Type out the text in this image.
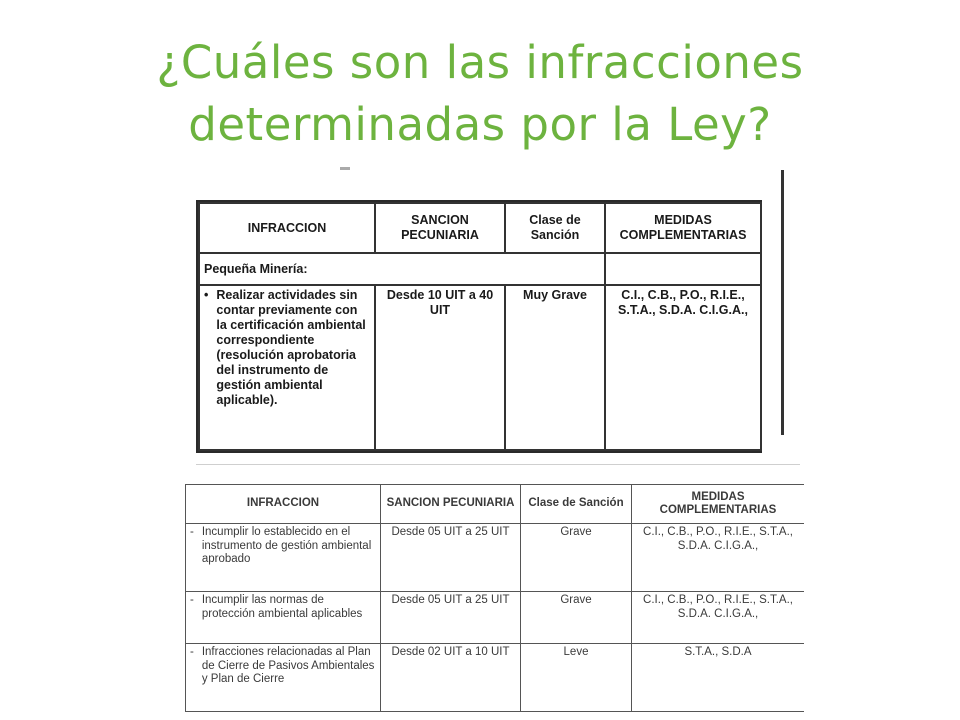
¿Cuáles son las infracciones
determinadas por la Ley?
INFRACCION	SANCION PECUNIARIA	Clase de Sanción	MEDIDAS COMPLEMENTARIAS
Pequeña Minería:			

• Realizar actividades sin contar previamente con la certificación ambiental correspondiente (resolución aprobatoria del instrumento de gestión ambiental aplicable).	Desde 10 UIT a 40 UIT	Muy Grave	C.I., C.B., P.O., R.I.E., S.T.A., S.D.A. C.I.G.A.,
INFRACCION	SANCION PECUNIARIA	Clase de Sanción	MEDIDAS COMPLEMENTARIAS

- Incumplir lo establecido en el instrumento de gestión ambiental aprobado	Desde 05 UIT a 25 UIT	Grave	C.I., C.B., P.O., R.I.E., S.T.A., S.D.A. C.I.G.A.,

- Incumplir las normas de protección ambiental aplicables	Desde 05 UIT a 25 UIT	Grave	C.I., C.B., P.O., R.I.E., S.T.A., S.D.A. C.I.G.A.,

- Infracciones relacionadas al Plan de Cierre de Pasivos Ambientales y Plan de Cierre	Desde 02 UIT a 10 UIT	Leve	S.T.A., S.D.A
